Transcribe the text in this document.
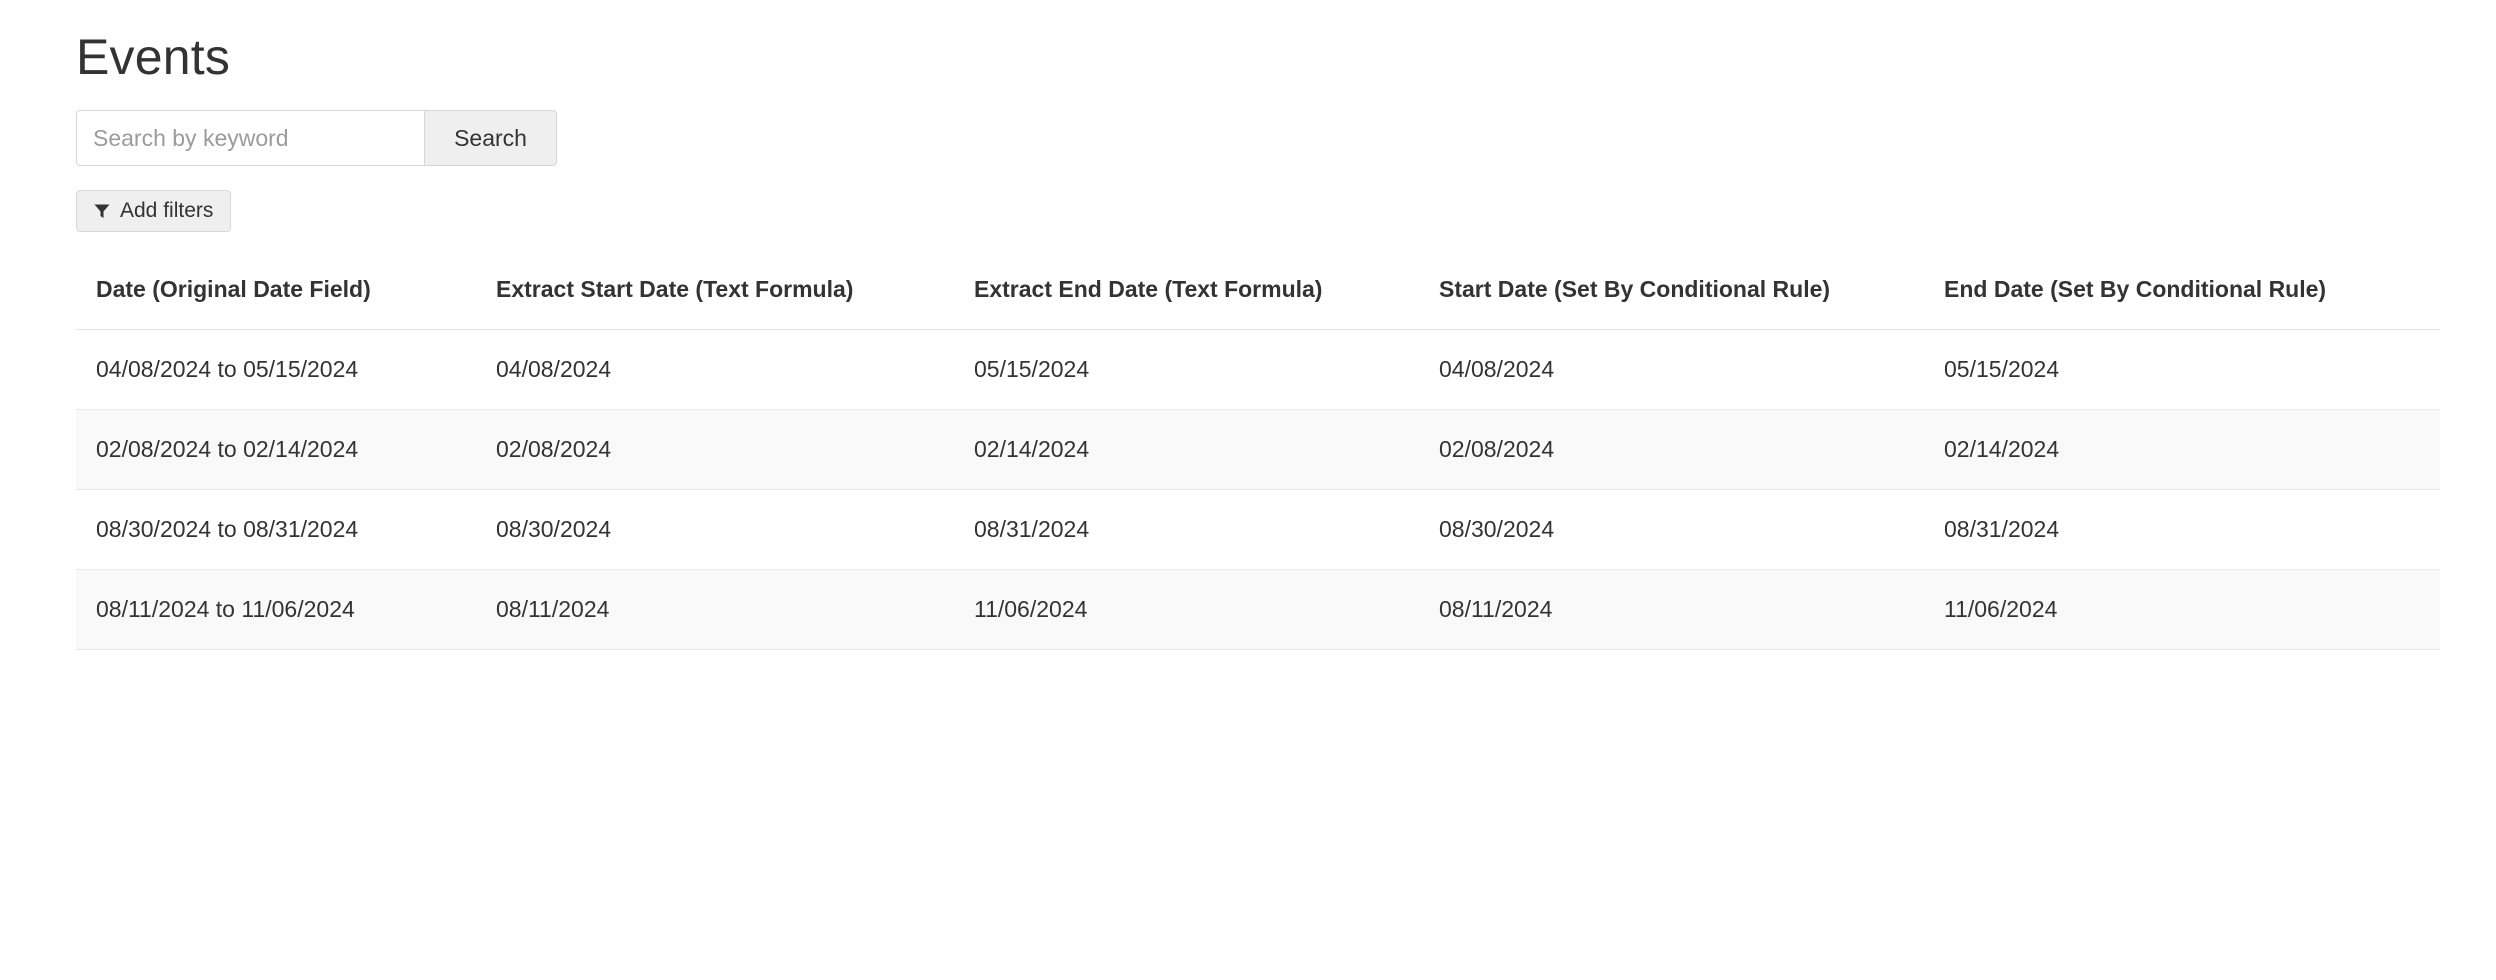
Events
Search by keyword
Search
Add filters
Date (Original Date Field)	Extract Start Date (Text Formula)	Extract End Date (Text Formula)	Start Date (Set By Conditional Rule)	End Date (Set By Conditional Rule)
04/08/2024 to 05/15/2024	04/08/2024	05/15/2024	04/08/2024	05/15/2024
02/08/2024 to 02/14/2024	02/08/2024	02/14/2024	02/08/2024	02/14/2024
08/30/2024 to 08/31/2024	08/30/2024	08/31/2024	08/30/2024	08/31/2024
08/11/2024 to 11/06/2024	08/11/2024	11/06/2024	08/11/2024	11/06/2024
